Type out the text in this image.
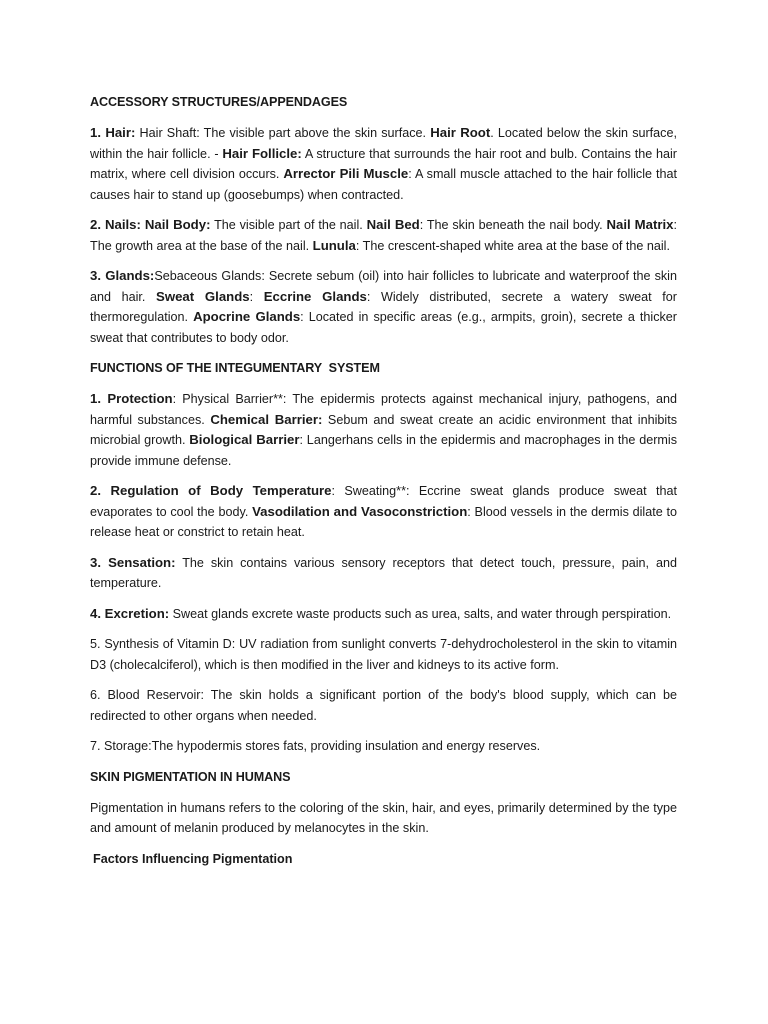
ACCESSORY STRUCTURES/APPENDAGES

1. Hair: Hair Shaft: The visible part above the skin surface. Hair Root. Located below the skin surface, within the hair follicle. - Hair Follicle: A structure that surrounds the hair root and bulb. Contains the hair matrix, where cell division occurs. Arrector Pili Muscle: A small muscle attached to the hair follicle that causes hair to stand up (goosebumps) when contracted.

2. Nails: Nail Body: The visible part of the nail. Nail Bed: The skin beneath the nail body. Nail Matrix: The growth area at the base of the nail. Lunula: The crescent-shaped white area at the base of the nail.

3. Glands:Sebaceous Glands: Secrete sebum (oil) into hair follicles to lubricate and waterproof the skin and hair. Sweat Glands: Eccrine Glands: Widely distributed, secrete a watery sweat for thermoregulation. Apocrine Glands: Located in specific areas (e.g., armpits, groin), secrete a thicker sweat that contributes to body odor.

FUNCTIONS OF THE INTEGUMENTARY  SYSTEM

1. Protection: Physical Barrier**: The epidermis protects against mechanical injury, pathogens, and harmful substances. Chemical Barrier: Sebum and sweat create an acidic environment that inhibits microbial growth. Biological Barrier: Langerhans cells in the epidermis and macrophages in the dermis provide immune defense.

2. Regulation of Body Temperature: Sweating**: Eccrine sweat glands produce sweat that evaporates to cool the body. Vasodilation and Vasoconstriction: Blood vessels in the dermis dilate to release heat or constrict to retain heat.

3. Sensation: The skin contains various sensory receptors that detect touch, pressure, pain, and temperature.

4. Excretion: Sweat glands excrete waste products such as urea, salts, and water through perspiration.

5. Synthesis of Vitamin D: UV radiation from sunlight converts 7-dehydrocholesterol in the skin to vitamin D3 (cholecalciferol), which is then modified in the liver and kidneys to its active form.

6. Blood Reservoir: The skin holds a significant portion of the body's blood supply, which can be redirected to other organs when needed.

7. Storage:The hypodermis stores fats, providing insulation and energy reserves.

SKIN PIGMENTATION IN HUMANS

Pigmentation in humans refers to the coloring of the skin, hair, and eyes, primarily determined by the type and amount of melanin produced by melanocytes in the skin.

Factors Influencing Pigmentation
